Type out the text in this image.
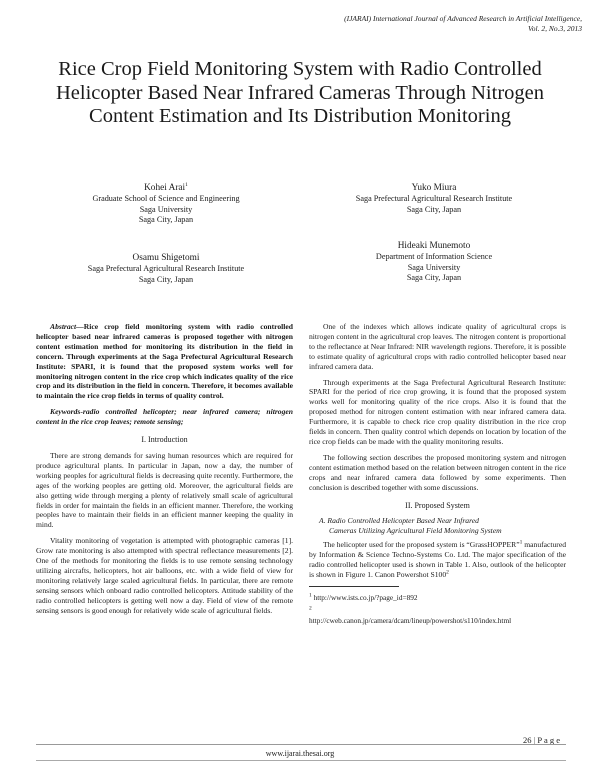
(IJARAI) International Journal of Advanced Research in Artificial Intelligence,
Vol. 2, No.3, 2013
Rice Crop Field Monitoring System with Radio Controlled Helicopter Based Near Infrared Cameras Through Nitrogen Content Estimation and Its Distribution Monitoring
Kohei Arai$^1$
Graduate School of Science and Engineering
Saga University
Saga City, Japan
Yuko Miura
Saga Prefectural Agricultural Research Institute
Saga City, Japan
Osamu Shigetomi
Saga Prefectural Agricultural Research Institute
Saga City, Japan
Hideaki Munemoto
Department of Information Science
Saga University
Saga City, Japan

Abstract—Rice crop field monitoring system with radio controlled helicopter based near infrared cameras is proposed together with nitrogen content estimation method for monitoring its distribution in the field in concern. Through experiments at the Saga Prefectural Agricultural Research Institute: SPARI, it is found that the proposed system works well for monitoring nitrogen content in the rice crop which indicates quality of the rice crop and its distribution in the field in concern. Therefore, it becomes available to maintain the rice crop fields in terms of quality control.

Keywords-radio controlled helicopter; near infrared camera; nitrogen content in the rice crop leaves; remote sensing;

I. Introduction

There are strong demands for saving human resources which are required for produce agricultural plants. In particular in Japan, now a day, the number of working peoples for agricultural fields is decreasing quite recently. Furthermore, the ages of the working peoples are getting old. Moreover, the agricultural fields are also getting wide through merging a plenty of relatively small scale of agricultural fields in order for maintain the fields in an efficient manner. Therefore, the working peoples have to maintain their fields in an efficient manner keeping the quality in mind.

Vitality monitoring of vegetation is attempted with photographic cameras [1]. Grow rate monitoring is also attempted with spectral reflectance measurements [2]. One of the methods for monitoring the fields is to use remote sensing technology utilizing aircrafts, helicopters, hot air balloons, etc. with a wide field of view for monitoring relatively large scaled agricultural fields. In particular, there are remote sensing sensors which onboard radio controlled helicopters. Attitude stability of the radio controlled helicopters is getting well now a day. Field of view of the remote sensing sensors is good enough for relatively wide scale of agricultural fields.

One of the indexes which allows indicate quality of agricultural crops is nitrogen content in the agricultural crop leaves. The nitrogen content is proportional to the reflectance at Near Infrared: NIR wavelength regions. Therefore, it is possible to estimate quality of agricultural crops with radio controlled helicopter based near infrared camera data.

Through experiments at the Saga Prefectural Agricultural Research Institute: SPARI for the period of rice crop growing, it is found that the proposed system works well for monitoring quality of the rice crops. Also it is found that the proposed method for nitrogen content estimation with near infrared camera data. Furthermore, it is capable to check rice crop quality distribution in the rice crop fields in concern. Then quality control which depends on location by location of the rice crop fields can be made with the quality monitoring results.

The following section describes the proposed monitoring system and nitrogen content estimation method based on the relation between nitrogen content in the rice crops and near infrared camera data followed by some experiments. Then conclusion is described together with some discussions.

II. Proposed System
A. Radio Controlled Helicopter Based Near Infrared
Cameras Utilizing Agricultural Field Monitoring System

The helicopter used for the proposed system is “GrassHOPPER”$^1$ manufactured by Information & Science Techno-Systems Co. Ltd. The major specification of the radio controlled helicopter used is shown in Table 1. Also, outlook of the helicopter is shown in Figure 1. Canon Powershot $S100^2$

$^1$ http://www.ists.co.jp/?page_id=892

$^2$
http://cweb.canon.jp/camera/dcam/lineup/powershot/s110/index.html

26 | P a g e
www.ijarai.thesai.org
